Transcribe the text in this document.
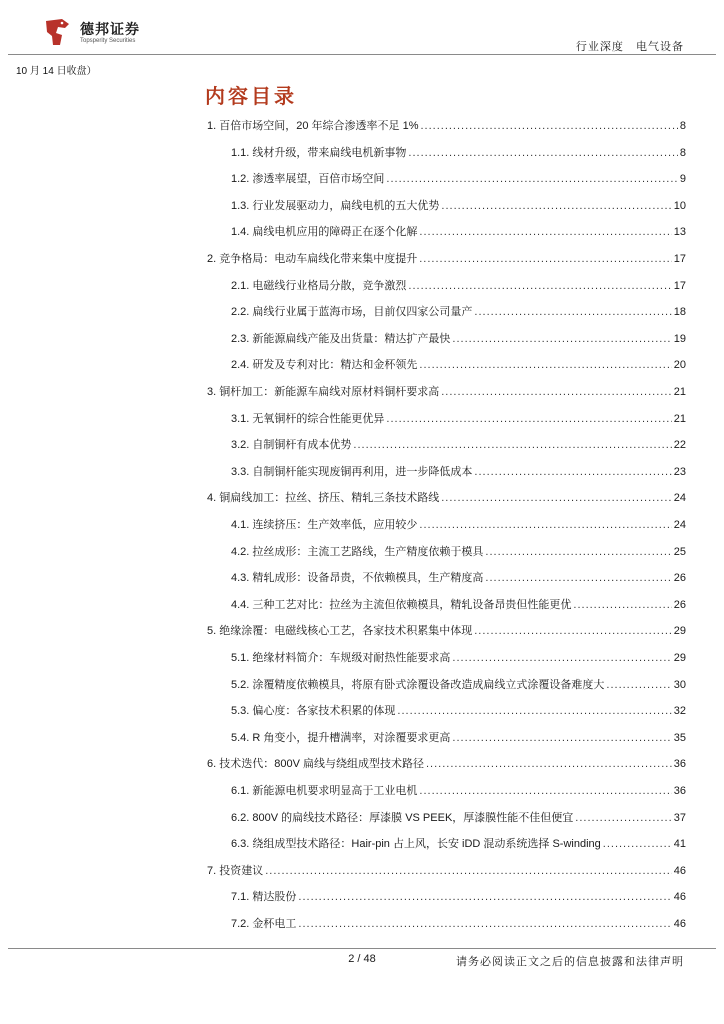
德邦证券
Topsperity Securities	行业深度 电气设备
10 月 14 日收盘）
内容目录
1. 百倍市场空间，20 年综合渗透率不足 1% .....	8
1.1. 线材升级，带来扁线电机新事物 .....	8
1.2. 渗透率展望，百倍市场空间 .....	9
1.3. 行业发展驱动力，扁线电机的五大优势 .....	10
1.4. 扁线电机应用的障碍正在逐个化解 .....	13
2. 竞争格局：电动车扁线化带来集中度提升 .....	17
2.1. 电磁线行业格局分散，竞争激烈 .....	17
2.2. 扁线行业属于蓝海市场，目前仅四家公司量产 .....	18
2.3. 新能源扁线产能及出货量：精达扩产最快 .....	19
2.4. 研发及专利对比：精达和金杯领先 .....	20
3. 铜杆加工：新能源车扁线对原材料铜杆要求高 .....	21
3.1. 无氧铜杆的综合性能更优异 .....	21
3.2. 自制铜杆有成本优势 .....	22
3.3. 自制铜杆能实现废铜再利用，进一步降低成本 .....	23
4. 铜扁线加工：拉丝、挤压、精轧三条技术路线 .....	24
4.1. 连续挤压：生产效率低，应用较少 .....	24
4.2. 拉丝成形：主流工艺路线，生产精度依赖于模具 .....	25
4.3. 精轧成形：设备昂贵，不依赖模具，生产精度高 .....	26
4.4. 三种工艺对比：拉丝为主流但依赖模具，精轧设备昂贵但性能更优 .....	26
5. 绝缘涂覆：电磁线核心工艺，各家技术积累集中体现 .....	29
5.1. 绝缘材料简介：车规级对耐热性能要求高 .....	29
5.2. 涂覆精度依赖模具，将原有卧式涂覆设备改造成扁线立式涂覆设备难度大 .....	30
5.3. 偏心度：各家技术积累的体现 .....	32
5.4. R 角变小，提升槽满率，对涂覆要求更高 .....	35
6. 技术迭代：800V 扁线与绕组成型技术路径 .....	36
6.1. 新能源电机要求明显高于工业电机 .....	36
6.2. 800V 的扁线技术路径：厚漆膜 VS PEEK，厚漆膜性能不佳但便宜 .....	37
6.3. 绕组成型技术路径：Hair-pin 占上风，长安 iDD 混动系统选择 S-winding .....	41
7. 投资建议 .....	46
7.1. 精达股份 .....	46
7.2. 金杯电工 .....	46
2 / 48	请务必阅读正文之后的信息披露和法律声明
